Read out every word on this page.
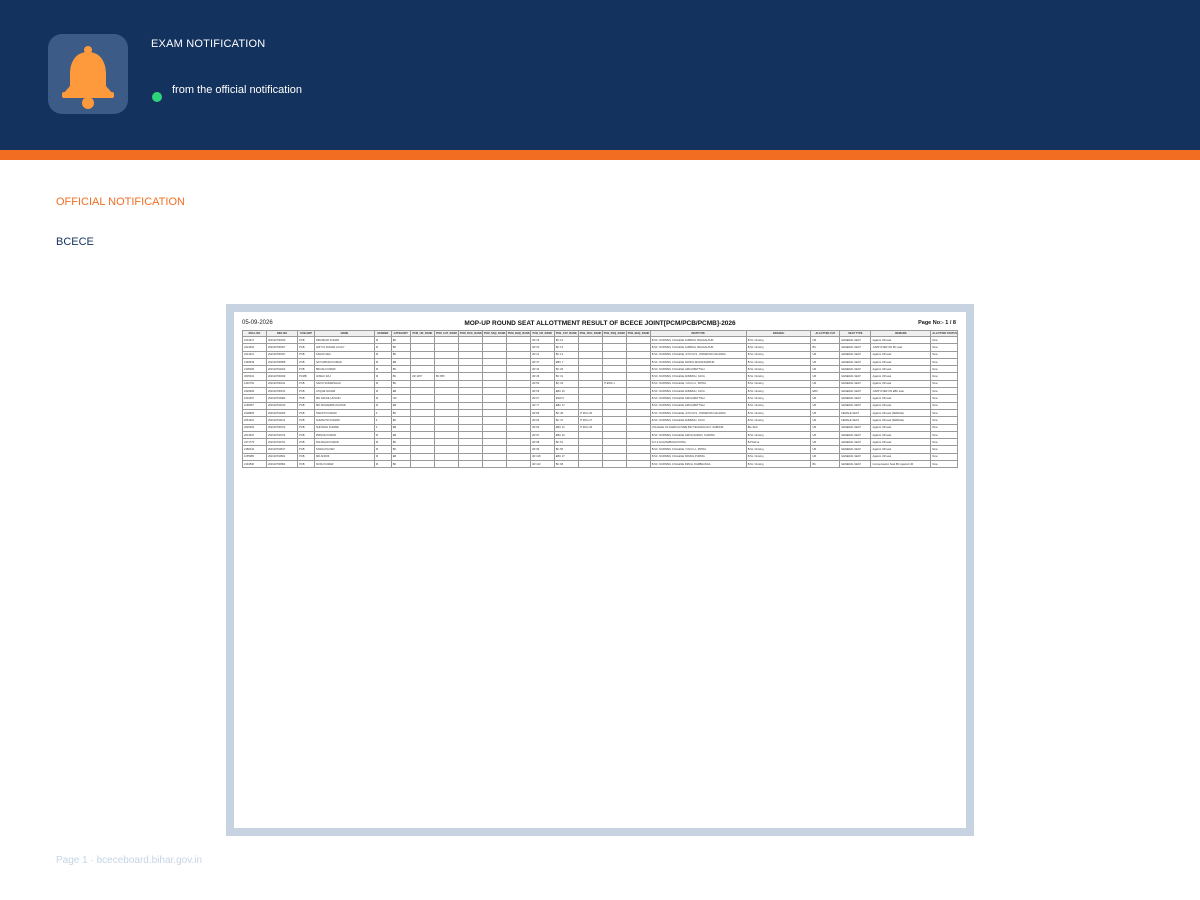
EXAM NOTIFICATION
from the official notification
OFFICIAL NOTIFICATION
BCECE
05-09-2026	MOP-UP ROUND SEAT ALLOTTMENT RESULT OF BCECE JOINT[PCM/PCB/PCMB]-2026	Page No:- 1 / 8
ROLL NO	REG NO	SUB GRP	NAME	GENDER	CATEGORY	PCM_UR_RANK	PCM_CAT_RANK	PCM_RCG_RANK	PCM_SSQ_RANK	PCM_BHQ_RANK	PCB_UR_RANK	PCB_CAT_RANK	PCB_RCG_RANK	PCB_SSQ_RANK	PCB_BHQ_RANK	INSTITUTE	BRANCH	ALLOTTED CAT	SEAT TYPE	REMARK	ALLOTTED STATUS
2212617	202120700040	PCB	DIPANKAR KUMAR	M	BC						UR 19	BC 12				B.SC. NURSING COLLEGE JAMMCH, BHAGALPUR	B.Sc. Nursing	UR	GENERAL SEAT	Against UR seat	New
2213402	202120700467	PCB	ADITYA KUMAR LUCKY	M	BC						UR 20	BC 13				B.SC. NURSING COLLEGE JAMMCH, BHAGALPUR	B.Sc. Nursing	BC	GENERAL SEAT	JUMP OVER ON BC seat	New
2221611	202120700047	PCB	KANAK DEV	M	BC						UR 21	BC 14				B.SC. NURSING COLLEGE, R.M.I.M.S., PAWAPURI NALANDA	B.Sc. Nursing	UR	GENERAL SEAT	Against UR seat	New
1348649	202120700858	PCB	SATYABODH KUMAR	M	EB						UR 37	EBC 7				B.SC. NURSING COLLEGE SKMCH,MUZAFFARPUR	B.Sc. Nursing	UR	GENERAL SEAT	Against UR seat	New
2105496	202120704322	PCB	BIKASH KUMAR	M	BC						UR 44	BC 29				B.SC. NURSING COLLEGE GMCH,BETTIAH	B.Sc. Nursing	UR	GENERAL SEAT	Against UR seat	New
3035431	202120700049	PCMB	ANSHU RAJ	M	BC	UR 1257	BC 805				UR 46	BC 31				B.SC. NURSING COLLEGE ANMMCH, GAYA	B.Sc. Nursing	UR	GENERAL SEAT	Against UR seat	New
1240752	202120700011	PCB	SAKSI SUDARSHAN	M	BC						UR 50	BC 33		IT EWS 1		B.SC. NURSING COLLEGE, N.M.C.H., PATNA	B.Sc. Nursing	UR	GENERAL SEAT	Against UR seat	New
2320993	202120700151	PCB	ATIQUE NAYEM	M	EB						UR 59	EBC 23				B.SC. NURSING COLLEGE ANMMCH, GAYA	B.Sc. Nursing	EBC	GENERAL SEAT	JUMP OVER ON EBC seat	New
1601457	202120704482	PCB	MD SAKHIL HUSAIN	M	UR						UR 67	EWS 5				B.SC. NURSING COLLEGE GMCH,BETTIAH	B.Sc. Nursing	UR	GENERAL SEAT	Against UR seat	New
1155657	202120704313	PCB	MD MOHAMMD AKHTAR	M	EB						UR 77	EBC 17				B.SC. NURSING COLLEGE GMCH,BETTIAH	B.Sc. Nursing	UR	GENERAL SEAT	Against UR seat	New
2208993	202120704303	PCB	SWASTI KUMARI	F	BC						UR 89	BC 46	IT RCG 26			B.SC. NURSING COLLEGE, R.M.I.M.S., PAWAPURI NALANDA	B.Sc. Nursing	UR	FEMALE SEAT	Against UR seat (FEMALE)	New
2061001	202120704114	PCB	SUMANTO KUMARI	F	BC						UR 92	BC 47	IT RCG 27			B.SC. NURSING COLLEGE ANMMCH, GAYA	B.Sc. Nursing	UR	FEMALE SEAT	Against UR seat (FEMALE)	New
2020003	202120700072	PCB	SHIVANGI KUMARI	F	EB						UR 94	EBC 21	IT RCG 29			COLLEGE OF AGRICULTURE BIO TECHNOLOGY, SABOUR	Bio-Tech	UR	GENERAL SEAT	Against UR seat	New
2014510	202120702474	PCB	PRINCE KUMAR	M	EB						UR 97	EBC 22				B.SC. NURSING COLLEGE GMCH,SARAN, CHAPRA	B.Sc. Nursing	UR	GENERAL SEAT	Against UR seat	New
2471775	202120702761	PCB	RAUSHAN KUMAR	M	BC						UR 98	BC 51				D.C.F.GULZARBAGH PATNA	B.Pharma	UR	GENERAL SEAT	Against UR seat	New
2180244	202120704517	PCB	KANHAIYA DEV	M	BC						UR 99	BC 56				B.SC. NURSING COLLEGE, N.M.C.H., PATNA	B.Sc. Nursing	UR	GENERAL SEAT	Against UR seat	New
1155985	202120704691	PCB	MD AFROZ	M	EB						UR 118	EBC 27				B.SC. NURSING COLLEGE SKMCH,PURNIA	B.Sc. Nursing	UR	GENERAL SEAT	Against UR seat	New
2140840	202120700864	PCB	SONU KUMAR	M	BC						UR 123	BC 68				B.SC. NURSING COLLEGE DMCH, DARBHANGA	B.Sc. Nursing	BC	GENERAL SEAT	Compensation Seat BC Against UR	New
Page 1 · bceceboard.bihar.gov.in
